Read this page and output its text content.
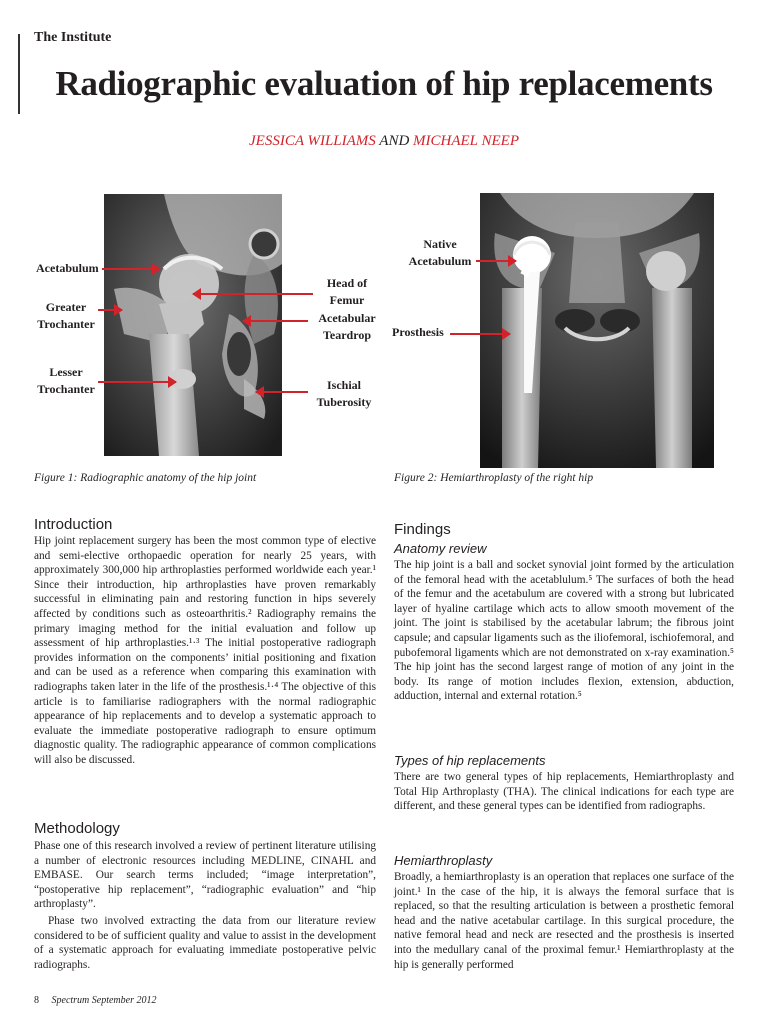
The Institute
Radiographic evaluation of hip replacements
JESSICA WILLIAMS AND MICHAEL NEEP
Acetabulum
Greater
Trochanter
Lesser
Trochanter
Head of
Femur
Acetabular
Teardrop
Ischial
Tuberosity
Figure 1: Radiographic anatomy of the hip joint
Native
Acetabulum
Prosthesis
Figure 2: Hemiarthroplasty of the right hip
Introduction

Hip joint replacement surgery has been the most common type of elective and semi-elective orthopaedic operation for nearly 25 years, with approximately 300,000 hip arthroplasties performed worldwide each year.¹ Since their introduction, hip arthroplasties have proven remarkably successful in eliminating pain and restoring function in hips severely affected by conditions such as osteoarthritis.² Radiography remains the primary imaging method for the initial evaluation and follow up assessment of hip arthroplasties.¹·³ The initial postoperative radiograph provides information on the components’ initial positioning and fixation and can be used as a reference when comparing this examination with radiographs taken later in the life of the prosthesis.¹·⁴ The objective of this article is to familiarise radiographers with the normal radiographic appearance of hip replacements and to develop a systematic approach to evaluate the immediate postoperative radiograph to ensure optimum diagnostic quality. The radiographic appearance of common complications will also be discussed.

Methodology

Phase one of this research involved a review of pertinent literature utilising a number of electronic resources including MEDLINE, CINAHL and EMBASE. Our search terms included; “image interpretation”, “postoperative hip replacement”, “radiographic evaluation” and “hip arthroplasty”.

Phase two involved extracting the data from our literature review considered to be of sufficient quality and value to assist in the development of a systematic approach for evaluating immediate postoperative pelvic radiographs.

Findings
Anatomy review

The hip joint is a ball and socket synovial joint formed by the articulation of the femoral head with the acetablulum.⁵ The surfaces of both the head of the femur and the acetabulum are covered with a strong but lubricated layer of hyaline cartilage which acts to allow smooth movement of the joint. The joint is stabilised by the acetabular labrum; the fibrous joint capsule; and capsular ligaments such as the iliofemoral, ischiofemoral, and pubofemoral ligaments which are not demonstrated on x-ray examination.⁵ The hip joint has the second largest range of motion of any joint in the body. Its range of motion includes flexion, extension, abduction, adduction, internal and external rotation.⁵

Types of hip replacements

There are two general types of hip replacements, Hemiarthroplasty and Total Hip Arthroplasty (THA). The clinical indications for each type are different, and these general types can be identified from radiographs.

Hemiarthroplasty

Broadly, a hemiarthroplasty is an operation that replaces one surface of the joint.¹ In the case of the hip, it is always the femoral surface that is replaced, so that the resulting articulation is between a prosthetic femoral head and the native acetabular cartilage. In this surgical procedure, the native femoral head and neck are resected and the prosthesis is inserted into the medullary canal of the proximal femur.¹ Hemiarthroplasty at the hip is generally performed

8 Spectrum September 2012
